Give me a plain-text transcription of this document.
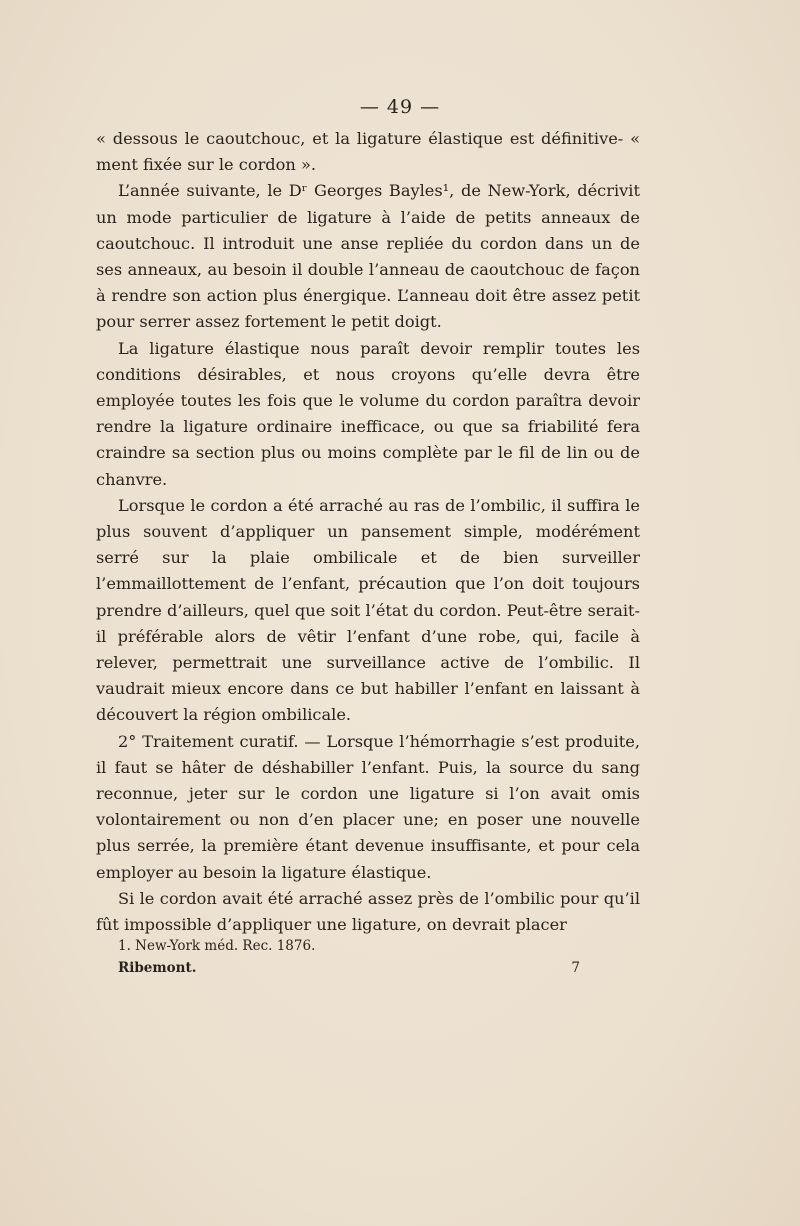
— 49 —

« dessous le caoutchouc, et la ligature élastique est définitive- « ment fixée sur le cordon ».

L’année suivante, le Dʳ Georges Bayles¹, de New-York, décrivit un mode particulier de ligature à l’aide de petits anneaux de caoutchouc. Il introduit une anse repliée du cordon dans un de ses anneaux, au besoin il double l’anneau de caoutchouc de façon à rendre son action plus énergique. L’anneau doit être assez petit pour serrer assez fortement le petit doigt.

La ligature élastique nous paraît devoir remplir toutes les conditions désirables, et nous croyons qu’elle devra être employée toutes les fois que le volume du cordon paraîtra devoir rendre la ligature ordinaire inefficace, ou que sa friabilité fera craindre sa section plus ou moins complète par le fil de lin ou de chanvre.

Lorsque le cordon a été arraché au ras de l’ombilic, il suffira le plus souvent d’appliquer un pansement simple, modérément serré sur la plaie ombilicale et de bien surveiller l’emmaillottement de l’enfant, précaution que l’on doit toujours prendre d’ailleurs, quel que soit l’état du cordon. Peut-être serait-il préférable alors de vêtir l’enfant d’une robe, qui, facile à relever, permettrait une surveillance active de l’ombilic. Il vaudrait mieux encore dans ce but habiller l’enfant en laissant à découvert la région ombilicale.

2° Traitement curatif. — Lorsque l’hémorrhagie s’est produite, il faut se hâter de déshabiller l’enfant. Puis, la source du sang reconnue, jeter sur le cordon une ligature si l’on avait omis volontairement ou non d’en placer une; en poser une nouvelle plus serrée, la première étant devenue insuffisante, et pour cela employer au besoin la ligature élastique.

Si le cordon avait été arraché assez près de l’ombilic pour qu’il fût impossible d’appliquer une ligature, on devrait placer

1. New-York méd. Rec. 1876.
Ribemont.	7
